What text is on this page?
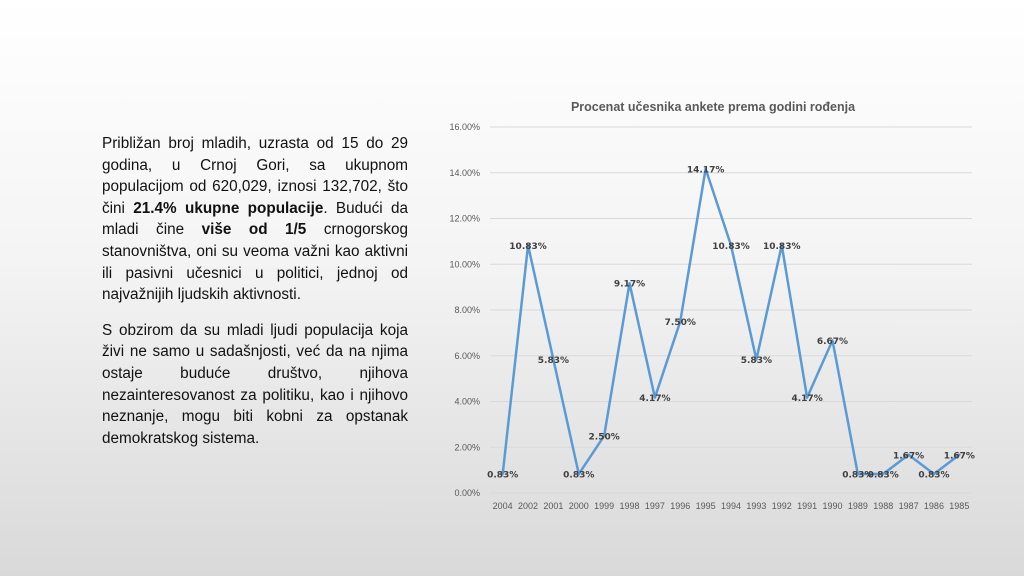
Približan broj mladih, uzrasta od 15 do 29 godina, u Crnoj Gori, sa ukupnom populacijom od 620,029, iznosi 132,702, što čini 21.4% ukupne populacije. Budući da mladi čine više od 1/5 crnogorskog stanovništva, oni su veoma važni kao aktivni ili pasivni učesnici u politici, jednoj od najvažnijih ljudskih aktivnosti.

S obzirom da su mladi ljudi populacija koja živi ne samo u sadašnjosti, već da na njima ostaje buduće društvo, njihova nezainteresovanost za politiku, kao i njihovo neznanje, mogu biti kobni za opstanak demokratskog sistema.

Procenat učesnika ankete prema godini rođenja
0.00%
2.00%
4.00%
6.00%
8.00%
10.00%
12.00%
14.00%
16.00%
2004 2002 2001 2000 1999 1998 1997 1996 1995 1994 1993 1992 1991 1990 1989 1988 1987 1986 1985
0.83%
10.83%
5.83%
0.83%
2.50%
9.17%
4.17%
7.50%
14.17%
10.83%
5.83%
10.83%
4.17%
6.67%
0.83%
0.83%
1.67%
0.83%
1.67%
